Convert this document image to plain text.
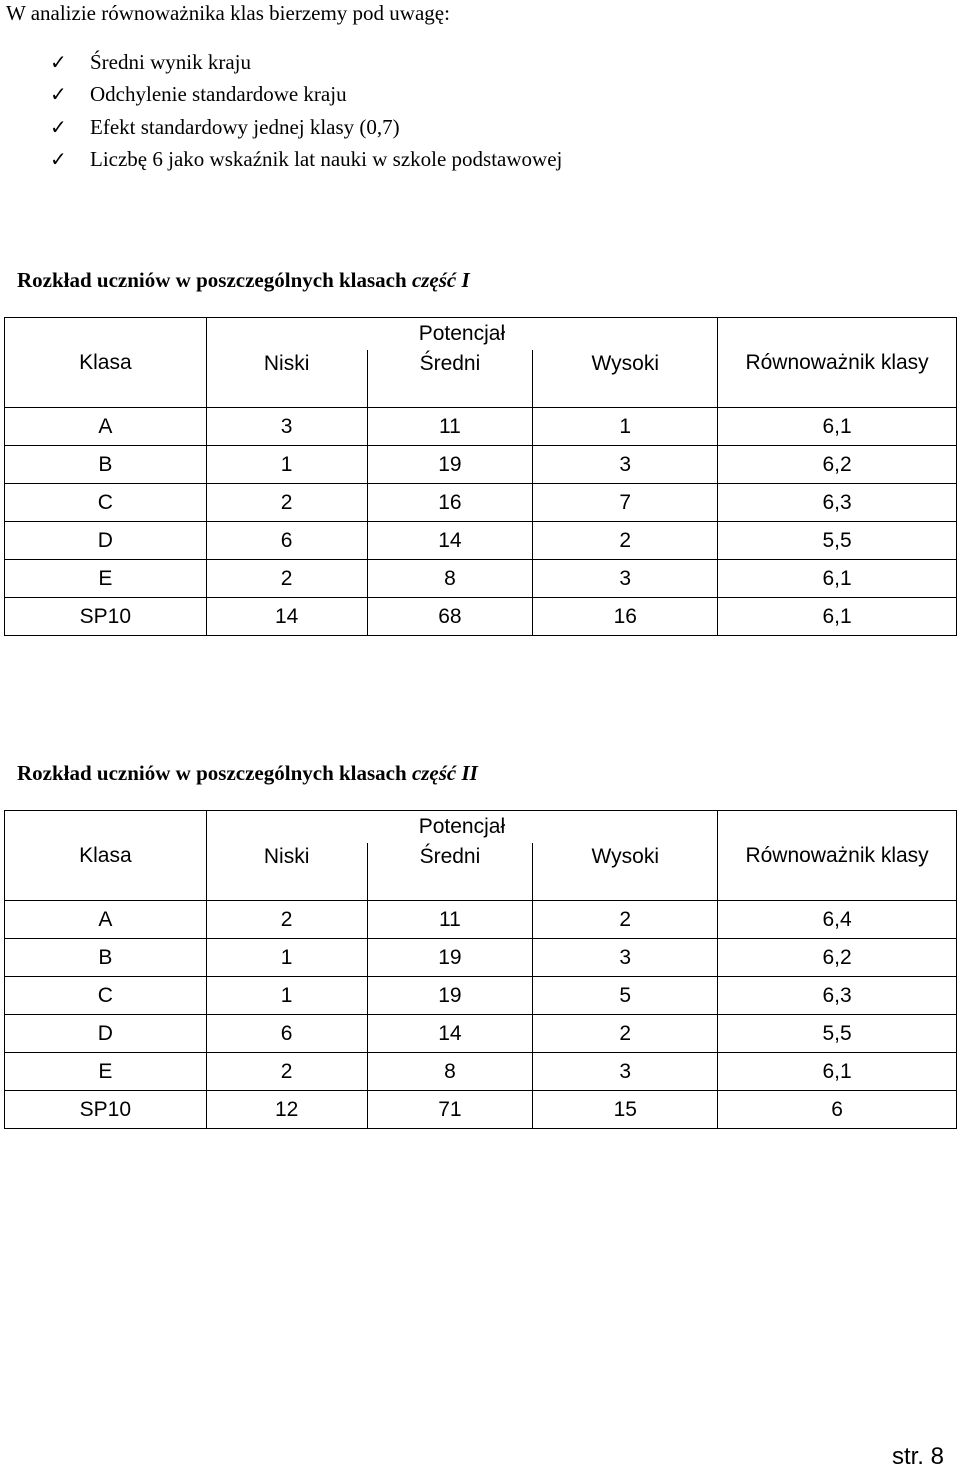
W analizie równoważnika klas bierzemy pod uwagę:
✓ Średni wynik kraju
✓ Odchylenie standardowe kraju
✓ Efekt standardowy jednej klasy (0,7)
✓ Liczbę 6 jako wskaźnik lat nauki w szkole podstawowej
Rozkład uczniów w poszczególnych klasach część I
Klasa	Potencjał			Równoważnik klasy
	Niski	Średni	Wysoki	
A	3	11	1	6,1
B	1	19	3	6,2
C	2	16	7	6,3
D	6	14	2	5,5
E	2	8	3	6,1
SP10	14	68	16	6,1
Rozkład uczniów w poszczególnych klasach część II
Klasa	Potencjał			Równoważnik klasy
	Niski	Średni	Wysoki	
A	2	11	2	6,4
B	1	19	3	6,2
C	1	19	5	6,3
D	6	14	2	5,5
E	2	8	3	6,1
SP10	12	71	15	6
str. 8
